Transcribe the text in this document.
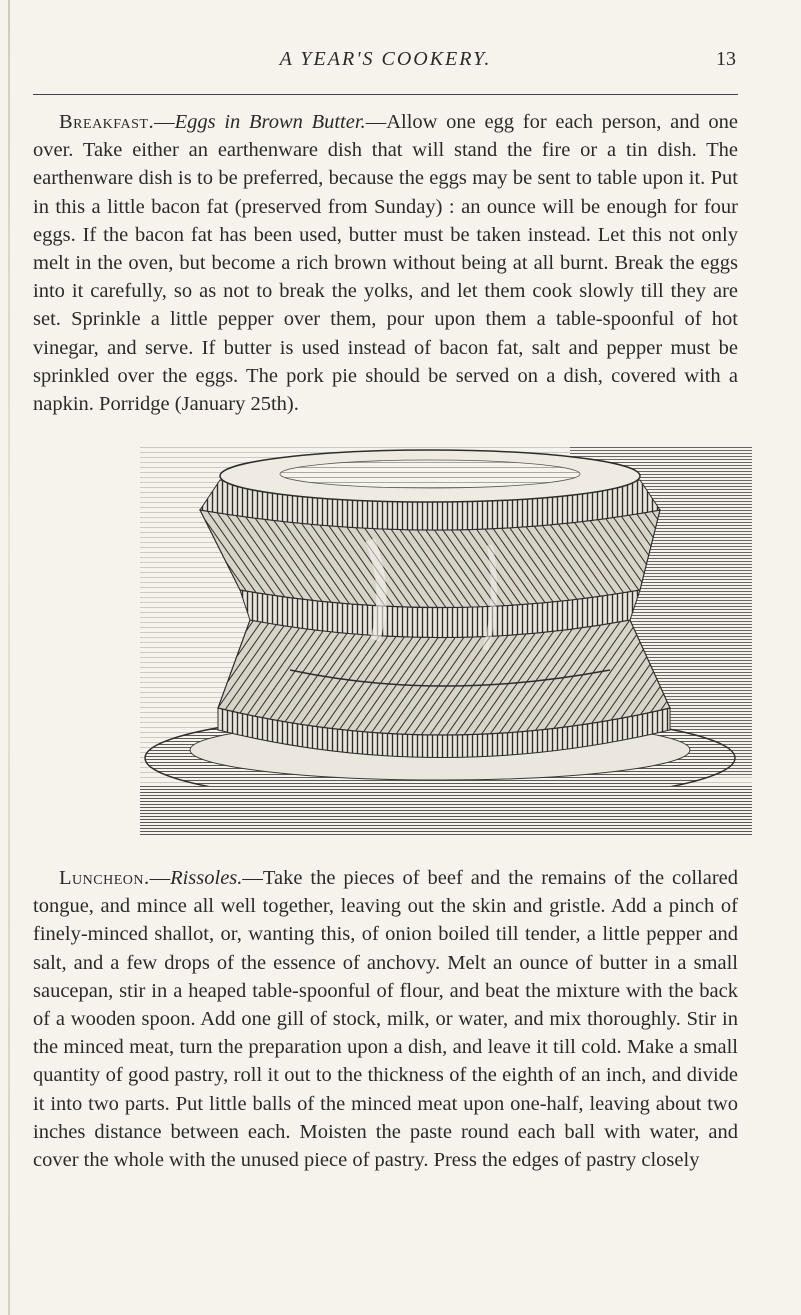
A YEAR'S COOKERY.	13

Breakfast.—Eggs in Brown Butter.—Allow one egg for each person, and one over. Take either an earthenware dish that will stand the fire or a tin dish. The earthenware dish is to be preferred, because the eggs may be sent to table upon it. Put in this a little bacon fat (preserved from Sunday) : an ounce will be enough for four eggs. If the bacon fat has been used, butter must be taken instead. Let this not only melt in the oven, but become a rich brown without being at all burnt. Break the eggs into it carefully, so as not to break the yolks, and let them cook slowly till they are set. Sprinkle a little pepper over them, pour upon them a table-spoonful of hot vinegar, and serve. If butter is used instead of bacon fat, salt and pepper must be sprinkled over the eggs. The pork pie should be served on a dish, covered with a napkin. Porridge (January 25th).

Luncheon.—Rissoles.—Take the pieces of beef and the remains of the collared tongue, and mince all well together, leaving out the skin and gristle. Add a pinch of finely-minced shallot, or, wanting this, of onion boiled till tender, a little pepper and salt, and a few drops of the essence of anchovy. Melt an ounce of butter in a small saucepan, stir in a heaped table-spoonful of flour, and beat the mixture with the back of a wooden spoon. Add one gill of stock, milk, or water, and mix thoroughly. Stir in the minced meat, turn the preparation upon a dish, and leave it till cold. Make a small quantity of good pastry, roll it out to the thickness of the eighth of an inch, and divide it into two parts. Put little balls of the minced meat upon one-half, leaving about two inches distance between each. Moisten the paste round each ball with water, and cover the whole with the unused piece of pastry. Press the edges of pastry closely
